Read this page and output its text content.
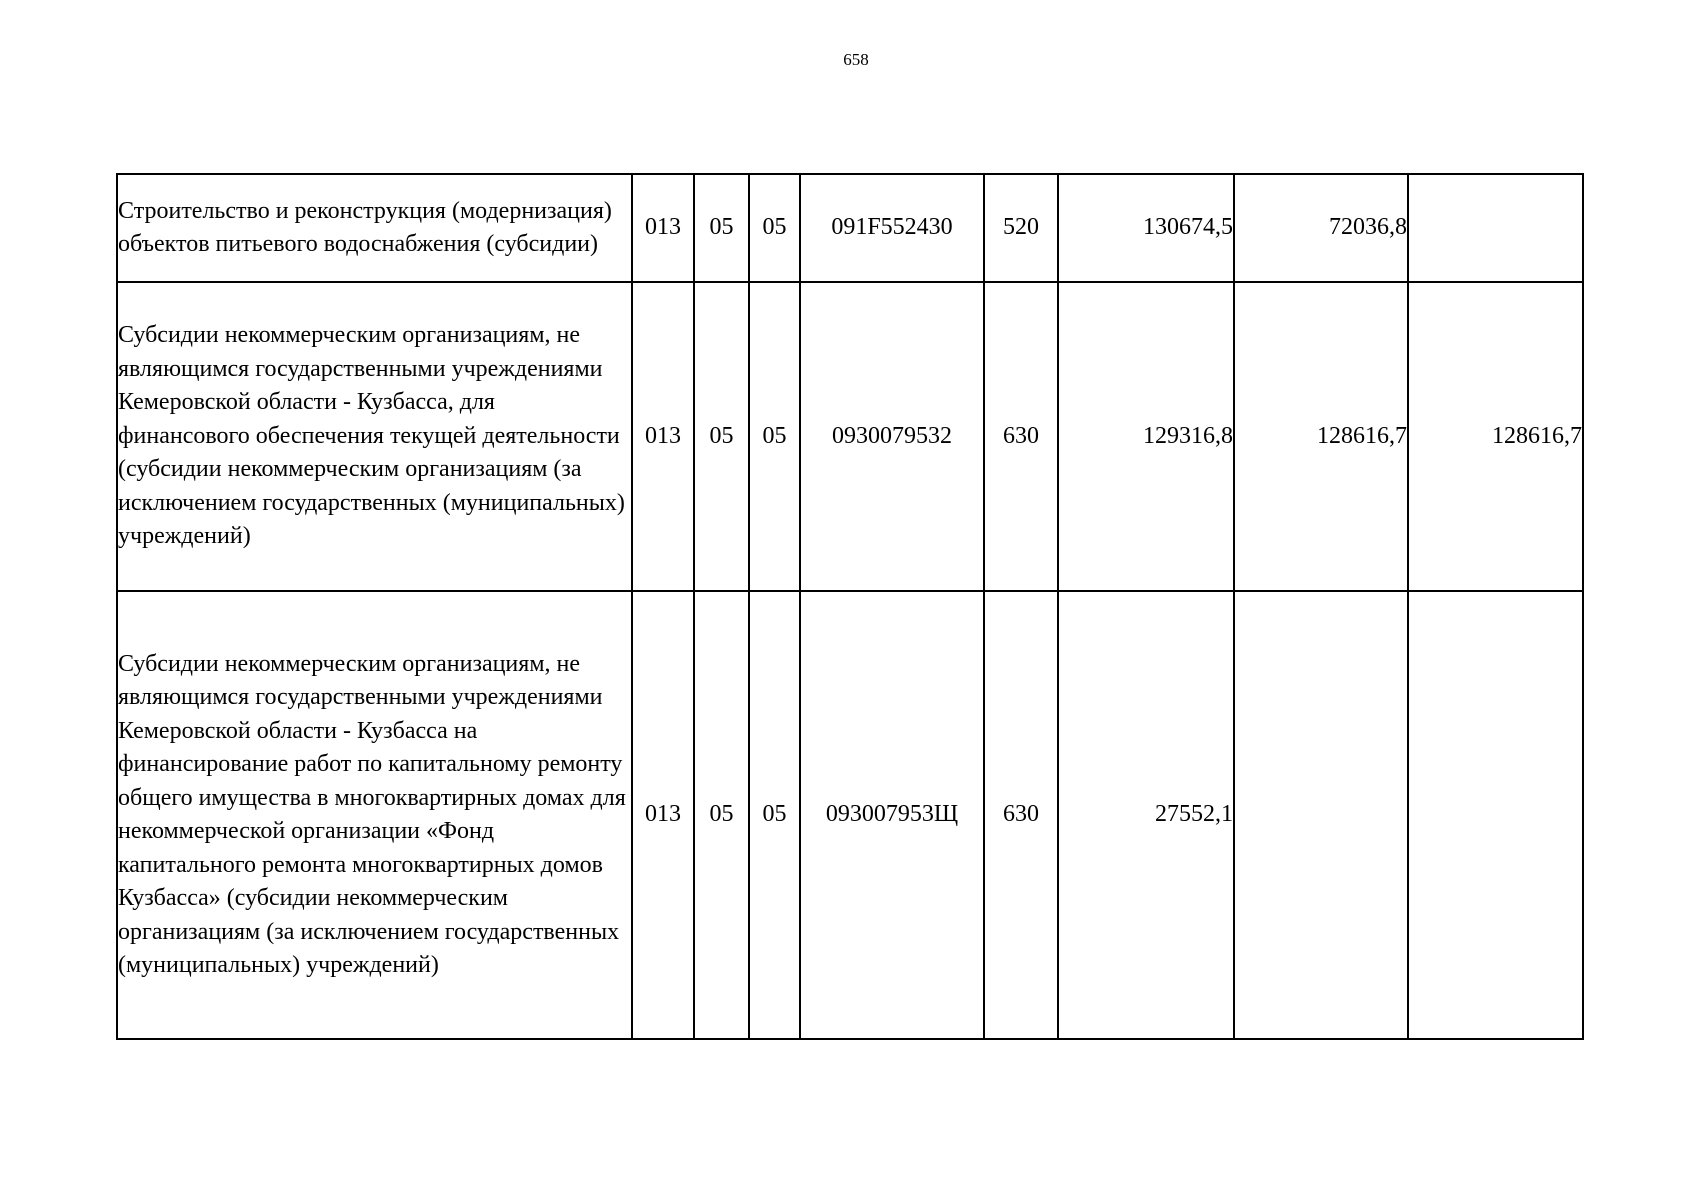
658
Строительство и реконструкция (модернизация) объектов питьевого водоснабжения (субсидии)	013	05	05	091F552430	520	130674,5	72036,8	

Субсидии некоммерческим организациям, не являющимся государственными учреждениями Кемеровской области - Кузбасса, для финансового обеспечения текущей деятельности (субсидии некоммерческим организациям (за исключением государственных (муниципальных) учреждений)	013	05	05	0930079532	630	129316,8	128616,7	128616,7

Субсидии некоммерческим организациям, не являющимся государственными учреждениями Кемеровской области - Кузбасса на финансирование работ по капитальному ремонту общего имущества в многоквартирных домах для некоммерческой организации «Фонд капитального ремонта многоквартирных домов Кузбасса» (субсидии некоммерческим организациям (за исключением государственных (муниципальных) учреждений)	013	05	05	093007953Щ	630	27552,1		
